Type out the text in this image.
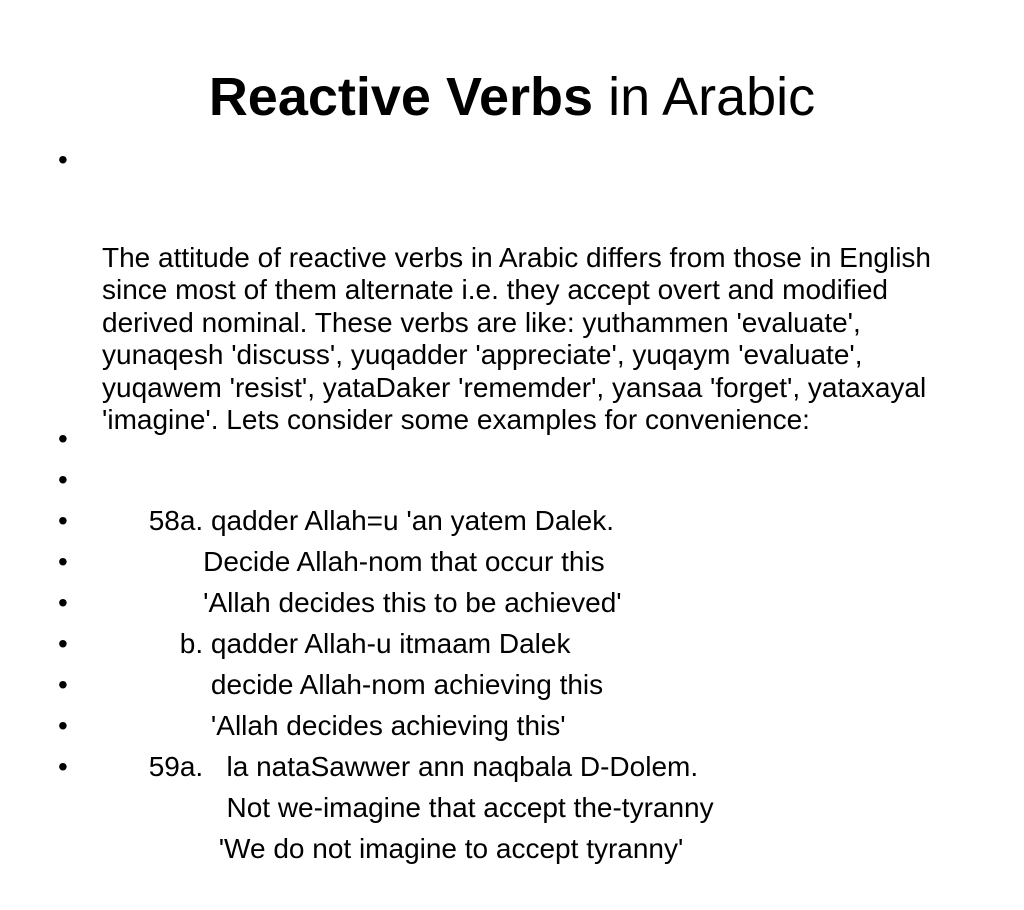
Reactive Verbs in Arabic

•

The attitude of reactive verbs in Arabic differs from those in English since most of them alternate i.e. they accept overt and modified derived nominal. These verbs are like: yuthammen 'evaluate', yunaqesh 'discuss', yuqadder 'appreciate', yuqaym 'evaluate', yuqawem 'resist', yataDaker 'rememder', yansaa 'forget', yataxayal 'imagine'. Lets consider some examples for convenience:

•

58a. qadder Allah=u 'an yatem Dalek.

•

Decide Allah-nom that occur this

•

'Allah decides this to be achieved'

•

b. qadder Allah-u itmaam Dalek

•

decide Allah-nom achieving this

•

'Allah decides achieving this'

•

59a.   la nataSawwer ann naqbala D-Dolem.

•

Not we-imagine that accept the-tyranny

•

'We do not imagine to accept tyranny'
